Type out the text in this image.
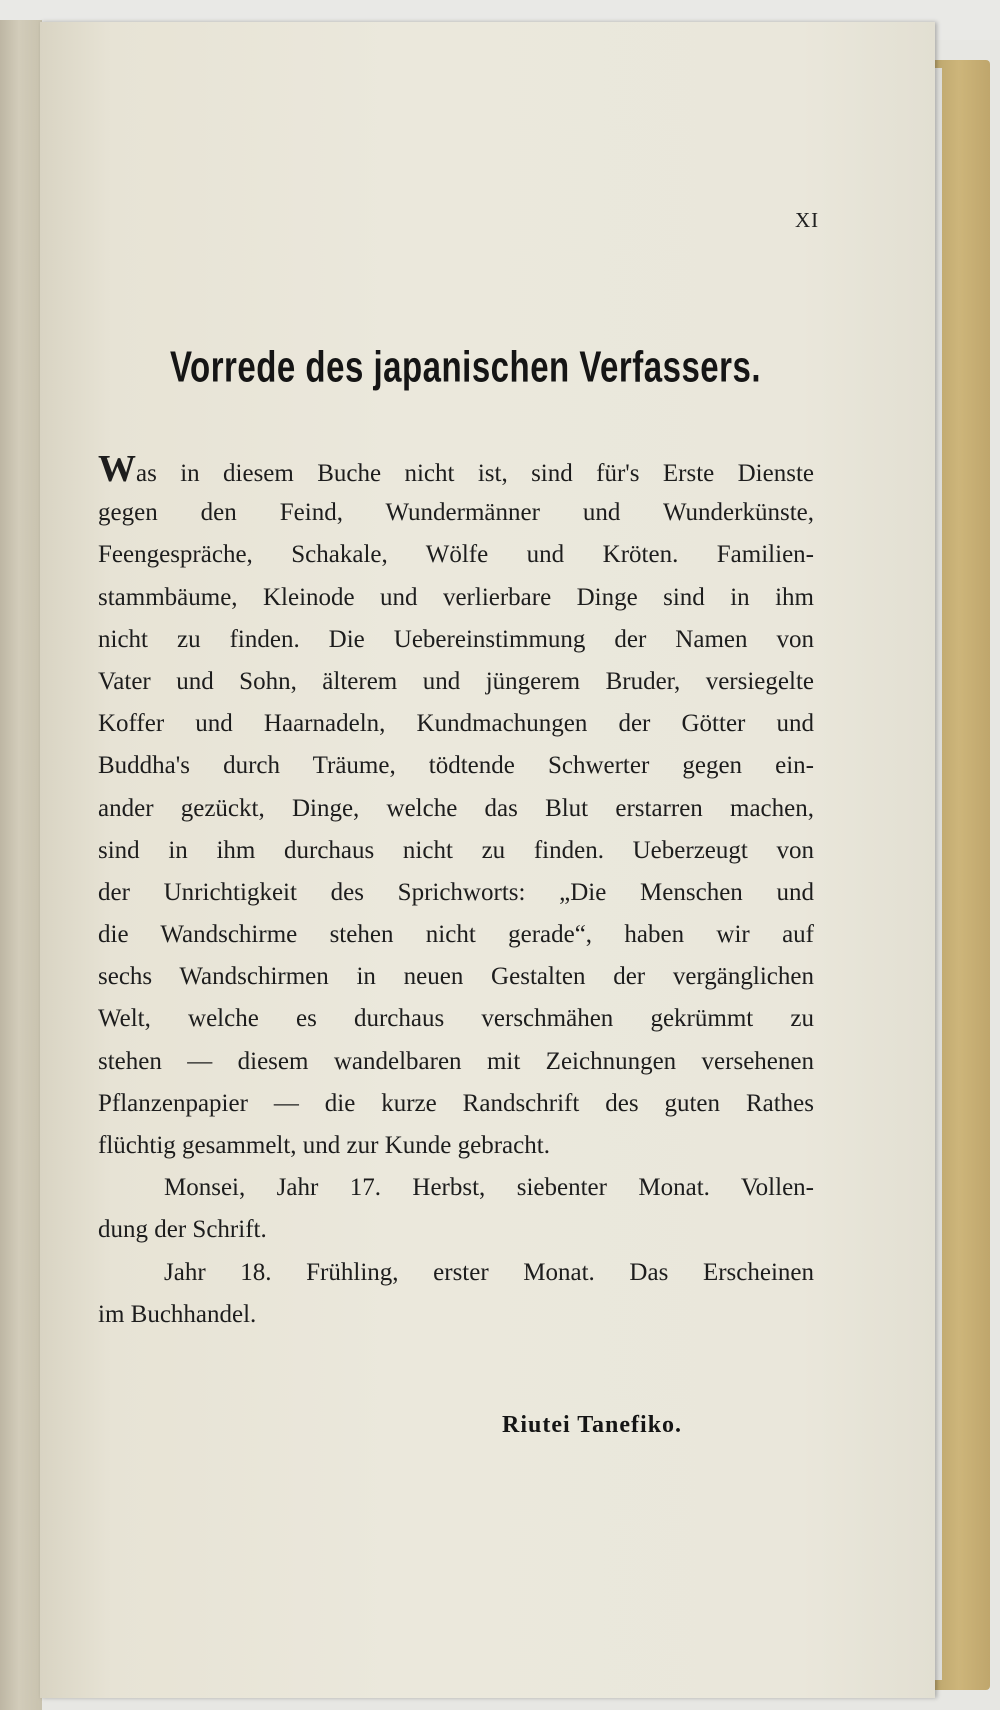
XI
Vorrede des japanischen Verfassers.
Was in diesem Buche nicht ist, sind für's Erste Dienste
gegen den Feind, Wundermänner und Wunderkünste,
Feengespräche, Schakale, Wölfe und Kröten. Familien-
stammbäume, Kleinode und verlierbare Dinge sind in ihm
nicht zu finden. Die Uebereinstimmung der Namen von
Vater und Sohn, älterem und jüngerem Bruder, versiegelte
Koffer und Haarnadeln, Kundmachungen der Götter und
Buddha's durch Träume, tödtende Schwerter gegen ein-
ander gezückt, Dinge, welche das Blut erstarren machen,
sind in ihm durchaus nicht zu finden. Ueberzeugt von
der Unrichtigkeit des Sprichworts: „Die Menschen und
die Wandschirme stehen nicht gerade“, haben wir auf
sechs Wandschirmen in neuen Gestalten der vergänglichen
Welt, welche es durchaus verschmähen gekrümmt zu
stehen — diesem wandelbaren mit Zeichnungen versehenen
Pflanzenpapier — die kurze Randschrift des guten Rathes
flüchtig gesammelt, und zur Kunde gebracht.
Monsei, Jahr 17. Herbst, siebenter Monat. Vollen-
dung der Schrift.
Jahr 18. Frühling, erster Monat. Das Erscheinen
im Buchhandel.
Riutei Tanefiko.
